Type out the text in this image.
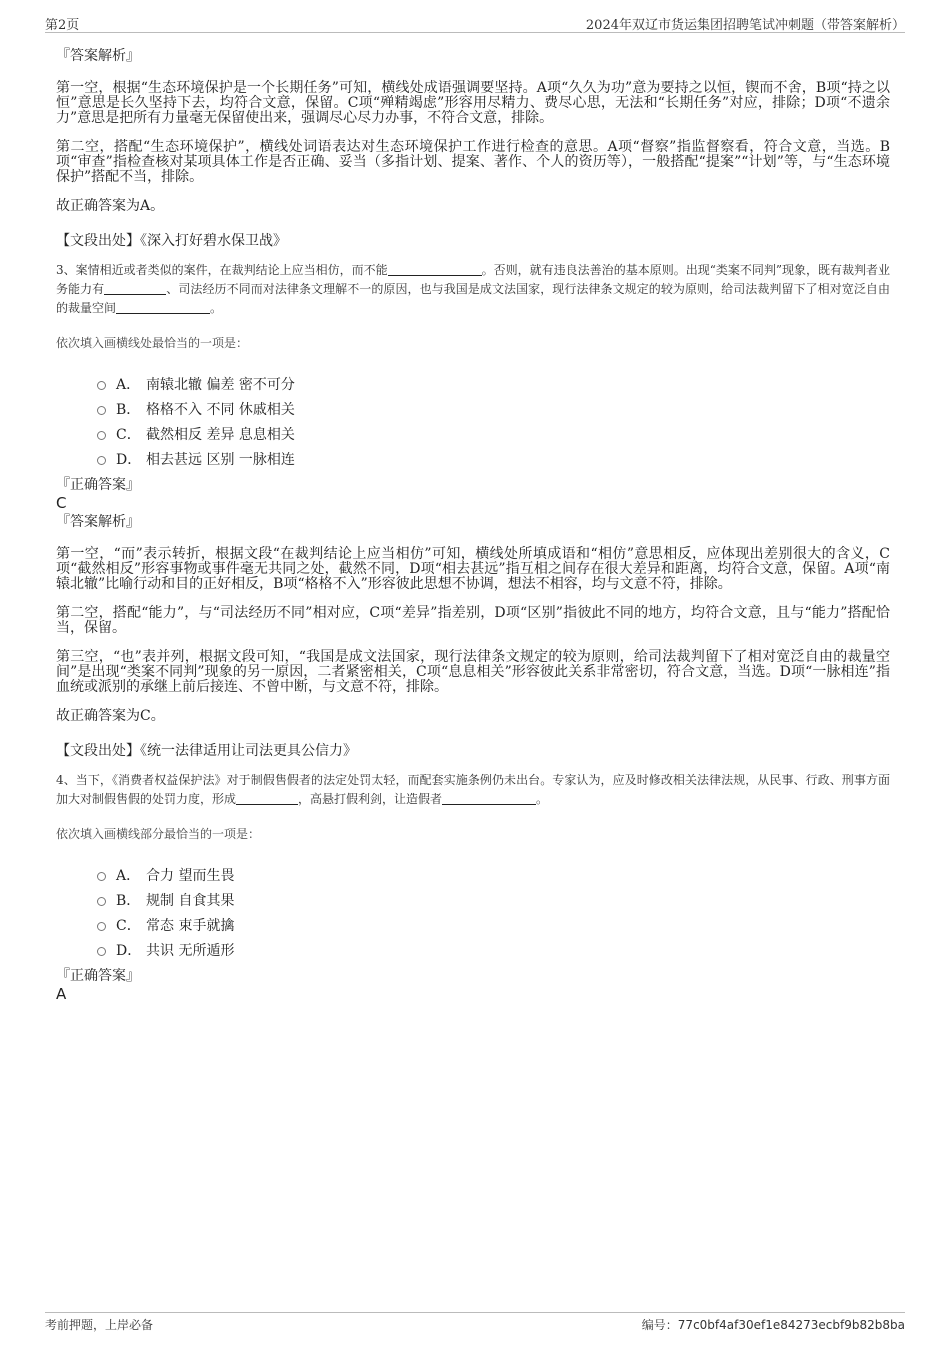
第2页	2024年双辽市货运集团招聘笔试冲刺题（带答案解析）

『答案解析』

第一空，根据“生态环境保护是一个长期任务”可知，横线处成语强调要坚持。A项“久久为功”意为要持之以恒，锲而不舍，B项“持之以恒”意思是长久坚持下去，均符合文意，保留。C项“殚精竭虑”形容用尽精力、费尽心思，无法和“长期任务”对应，排除；D项“不遗余力”意思是把所有力量毫无保留使出来，强调尽心尽力办事，不符合文意，排除。

第二空，搭配“生态环境保护”，横线处词语表达对生态环境保护工作进行检查的意思。A项“督察”指监督察看，符合文意，当选。B项“审查”指检查核对某项具体工作是否正确、妥当（多指计划、提案、著作、个人的资历等），一般搭配“提案”“计划”等，与“生态环境保护”搭配不当，排除。

故正确答案为A。

【文段出处】《深入打好碧水保卫战》

3、案情相近或者类似的案件，在裁判结论上应当相仿，而不能	。否则，就有违良法善治的基本原则。出现“类案不同判”现象，既有裁判者业务能力有	、司法经历不同而对法律条文理解不一的原因，也与我国是成文法国家，现行法律条文规定的较为原则，给司法裁判留下了相对宽泛自由的裁量空间	。

依次填入画横线处最恰当的一项是：

A． 南辕北辙 偏差 密不可分
B． 格格不入 不同 休戚相关
C． 截然相反 差异 息息相关
D． 相去甚远 区别 一脉相连

『正确答案』

C

『答案解析』

第一空，“而”表示转折，根据文段“在裁判结论上应当相仿”可知，横线处所填成语和“相仿”意思相反，应体现出差别很大的含义，C项“截然相反”形容事物或事件毫无共同之处，截然不同，D项“相去甚远”指互相之间存在很大差异和距离，均符合文意，保留。A项“南辕北辙”比喻行动和目的正好相反，B项“格格不入”形容彼此思想不协调，想法不相容，均与文意不符，排除。

第二空，搭配“能力”，与“司法经历不同”相对应，C项“差异”指差别，D项“区别”指彼此不同的地方，均符合文意，且与“能力”搭配恰当，保留。

第三空，“也”表并列，根据文段可知，“我国是成文法国家，现行法律条文规定的较为原则，给司法裁判留下了相对宽泛自由的裁量空间”是出现“类案不同判”现象的另一原因，二者紧密相关，C项“息息相关”形容彼此关系非常密切，符合文意，当选。D项“一脉相连”指血统或派别的承继上前后接连、不曾中断，与文意不符，排除。

故正确答案为C。

【文段出处】《统一法律适用让司法更具公信力》

4、当下，《消费者权益保护法》对于制假售假者的法定处罚太轻，而配套实施条例仍未出台。专家认为，应及时修改相关法律法规，从民事、行政、刑事方面加大对制假售假的处罚力度，形成	，高悬打假利剑，让造假者	。

依次填入画横线部分最恰当的一项是：

A． 合力 望而生畏
B． 规制 自食其果
C． 常态 束手就擒
D． 共识 无所遁形

『正确答案』

A

考前押题，上岸必备	编号：77c0bf4af30ef1e84273ecbf9b82b8ba
